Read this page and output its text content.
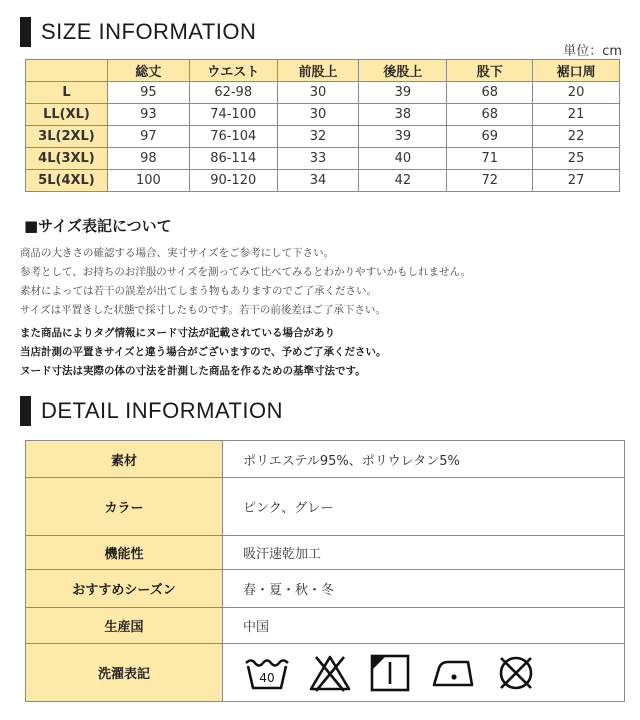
SIZE INFORMATION
単位：cm
	総丈	ウエスト	前股上	後股上	股下	裾口周
L	95	62-98	30	39	68	20
LL(XL)	93	74-100	30	38	68	21
3L(2XL)	97	76-104	32	39	69	22
4L(3XL)	98	86-114	33	40	71	25
5L(4XL)	100	90-120	34	42	72	27
■サイズ表記について

商品の大きさの確認する場合、実寸サイズをご参考にして下さい。

参考として、お持ちのお洋服のサイズを測ってみて比べてみるとわかりやすいかもしれません。

素材によっては若干の誤差が出てしまう物もありますのでご了承ください。

サイズは平置きした状態で採寸したものです。若干の前後差はご了承下さい。

また商品によりタグ情報にヌード寸法が記載されている場合があり

当店計測の平置きサイズと違う場合がございますので、予めご了承ください。

ヌード寸法は実際の体の寸法を計測した商品を作るための基準寸法です。

DETAIL INFORMATION
素材	ポリエステル95%、ポリウレタン5%
カラー	ピンク、グレー
機能性	吸汗速乾加工
おすすめシーズン	春・夏・秋・冬
生産国	中国
洗濯表記	40
